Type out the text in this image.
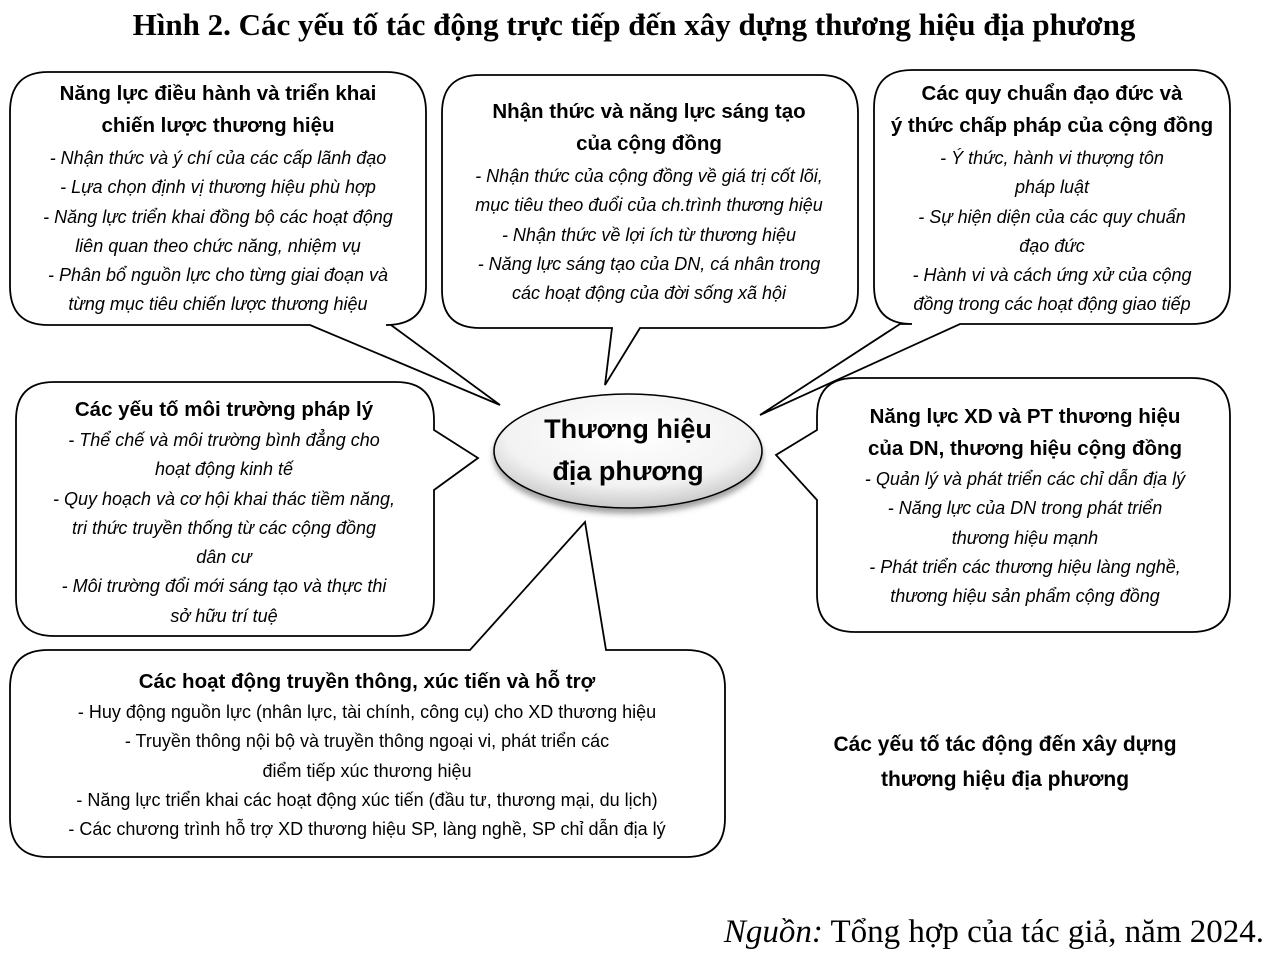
Hình 2. Các yếu tố tác động trực tiếp đến xây dựng thương hiệu địa phương
Thương hiệu
địa phương
Năng lực điều hành và triển khai
chiến lược thương hiệu
- Nhận thức và ý chí của các cấp lãnh đạo
- Lựa chọn định vị thương hiệu phù hợp
- Năng lực triển khai đồng bộ các hoạt động
liên quan theo chức năng, nhiệm vụ
- Phân bổ nguồn lực cho từng giai đoạn và
từng mục tiêu chiến lược thương hiệu
Nhận thức và năng lực sáng tạo
của cộng đồng
- Nhận thức của cộng đồng về giá trị cốt lõi,
mục tiêu theo đuổi của ch.trình thương hiệu
- Nhận thức về lợi ích từ thương hiệu
- Năng lực sáng tạo của DN, cá nhân trong
các hoạt động của đời sống xã hội
Các quy chuẩn đạo đức và
ý thức chấp pháp của cộng đồng
- Ý thức, hành vi thượng tôn
pháp luật
- Sự hiện diện của các quy chuẩn
đạo đức
- Hành vi và cách ứng xử của cộng
đồng trong các hoạt động giao tiếp
Các yếu tố môi trường pháp lý
- Thể chế và môi trường bình đẳng cho
hoạt động kinh tế
- Quy hoạch và cơ hội khai thác tiềm năng,
tri thức truyền thống từ các cộng đồng
dân cư
- Môi trường đổi mới sáng tạo và thực thi
sở hữu trí tuệ
Năng lực XD và PT thương hiệu
của DN, thương hiệu cộng đồng
- Quản lý và phát triển các chỉ dẫn địa lý
- Năng lực của DN trong phát triển
thương hiệu mạnh
- Phát triển các thương hiệu làng nghề,
thương hiệu sản phẩm cộng đồng
Các hoạt động truyền thông, xúc tiến và hỗ trợ
- Huy động nguồn lực (nhân lực, tài chính, công cụ) cho XD thương hiệu
- Truyền thông nội bộ và truyền thông ngoại vi, phát triển các
điểm tiếp xúc thương hiệu
- Năng lực triển khai các hoạt động xúc tiến (đầu tư, thương mại, du lịch)
- Các chương trình hỗ trợ XD thương hiệu SP, làng nghề, SP chỉ dẫn địa lý
Các yếu tố tác động đến xây dựng
thương hiệu địa phương
Nguồn: Tổng hợp của tác giả, năm 2024.
